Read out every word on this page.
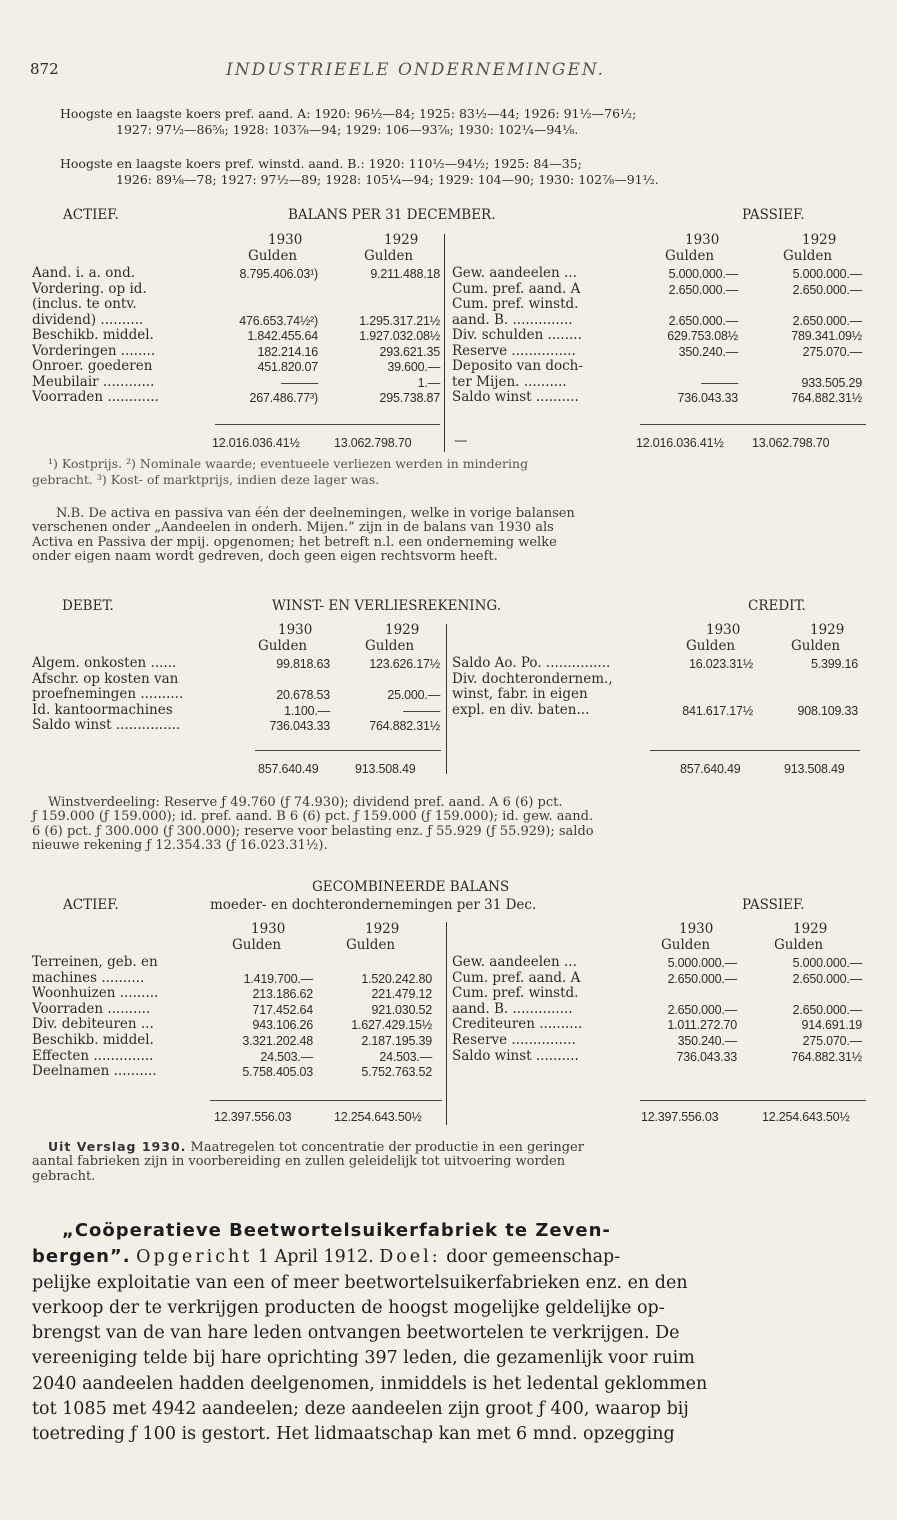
872	INDUSTRIEELE ONDERNEMINGEN.
Hoogste en laagste koers pref. aand. A: 1920: 96½—84; 1925: 83½—44; 1926: 91½—76½;
1927: 97½—86⅝; 1928: 103⅞—94; 1929: 106—93⅞; 1930: 102¼—94⅛.
Hoogste en laagste koers pref. winstd. aand. B.: 1920: 110½—94½; 1925: 84—35;
1926: 89⅛—78; 1927: 97½—89; 1928: 105¼—94; 1929: 104—90; 1930: 102⅞—91½.
ACTIEF.	BALANS PER 31 DECEMBER.	PASSIEF.
1930	1929	1930	1929
Gulden	Gulden	Gulden	Gulden
Aand. i. a. ond.	8.795.406.03¹)	9.211.488.18
Vordering. op id.
(inclus. te ontv.
dividend) ..........	476.653.74½²)	1.295.317.21½
Beschikb. middel.	1.842.455.64	1.927.032.08½
Vorderingen ........	182.214.16	293.621.35
Onroer. goederen	451.820.07	39.600.—
Meubilair ............	———	1.—
Voorraden ............	267.486.77³)	295.738.87
Gew. aandeelen ...	5.000.000.—	5.000.000.—
Cum. pref. aand. A	2.650.000.—	2.650.000.—
Cum. pref. winstd.
aand. B. ..............	2.650.000.—	2.650.000.—
Div. schulden ........	629.753.08½	789.341.09½
Reserve ...............	350.240.—	275.070.—
Deposito van doch-
ter Mijen. ..........	———	933.505.29
Saldo winst ..........	736.043.33	764.882.31½
12.016.036.41½	13.062.798.70	—	12.016.036.41½ 13.062.798.70
¹) Kostprijs. ²) Nominale waarde; eventueele verliezen werden in mindering
gebracht. ³) Kost- of marktprijs, indien deze lager was.
N.B. De activa en passiva van één der deelnemingen, welke in vorige balansen
verschenen onder „Aandeelen in onderh. Mijen.” zijn in de balans van 1930 als
Activa en Passiva der mpij. opgenomen; het betreft n.l. een onderneming welke
onder eigen naam wordt gedreven, doch geen eigen rechtsvorm heeft.
DEBET.	WINST- EN VERLIESREKENING.	CREDIT.
1930	1929	1930	1929
Gulden	Gulden	Gulden	Gulden
Algem. onkosten ......	99.818.63	123.626.17½
Afschr. op kosten van
proefnemingen ..........	20.678.53	25.000.—
Id. kantoormachines	1.100.—	———
Saldo winst ...............	736.043.33	764.882.31½
Saldo Ao. Po. ...............	16.023.31½	5.399.16
Div. dochterondernem.,
winst, fabr. in eigen
expl. en div. baten...	841.617.17½	908.109.33
857.640.49	913.508.49	857.640.49	913.508.49
Winstverdeeling: Reserve ƒ 49.760 (ƒ 74.930); dividend pref. aand. A 6 (6) pct.
ƒ 159.000 (ƒ 159.000); id. pref. aand. B 6 (6) pct. ƒ 159.000 (ƒ 159.000); id. gew. aand.
6 (6) pct. ƒ 300.000 (ƒ 300.000); reserve voor belasting enz. ƒ 55.929 (ƒ 55.929); saldo
nieuwe rekening ƒ 12.354.33 (ƒ 16.023.31½).
GECOMBINEERDE BALANS
ACTIEF.	moeder- en dochterondernemingen per 31 Dec.	PASSIEF.
1930	1929	1930	1929
Gulden	Gulden	Gulden	Gulden
Terreinen, geb. en
machines ..........	1.419.700.—	1.520.242.80
Woonhuizen .........	213.186.62	221.479.12
Voorraden ..........	717.452.64	921.030.52
Div. debiteuren ...	943.106.26	1.627.429.15½
Beschikb. middel.	3.321.202.48	2.187.195.39
Effecten ..............	24.503.—	24.503.—
Deelnamen ..........	5.758.405.03	5.752.763.52
Gew. aandeelen ...	5.000.000.—	5.000.000.—
Cum. pref. aand. A	2.650.000.—	2.650.000.—
Cum. pref. winstd.
aand. B. ..............	2.650.000.—	2.650.000.—
Crediteuren ..........	1.011.272.70	914.691.19
Reserve ...............	350.240.—	275.070.—
Saldo winst ..........	736.043.33	764.882.31½
12.397.556.03	12.254.643.50½	12.397.556.03	12.254.643.50½
Uit Verslag 1930. Maatregelen tot concentratie der productie in een geringer
aantal fabrieken zijn in voorbereiding en zullen geleidelijk tot uitvoering worden
gebracht.
„Coöperatieve Beetwortelsuikerfabriek te Zeven-
bergen”. Opgericht 1 April 1912. Doel: door gemeenschap-
pelijke exploitatie van een of meer beetwortelsuikerfabrieken enz. en den
verkoop der te verkrijgen producten de hoogst mogelijke geldelijke op-
brengst van de van hare leden ontvangen beetwortelen te verkrijgen. De
vereeniging telde bij hare oprichting 397 leden, die gezamenlijk voor ruim
2040 aandeelen hadden deelgenomen, inmiddels is het ledental geklommen
tot 1085 met 4942 aandeelen; deze aandeelen zijn groot ƒ 400, waarop bij
toetreding ƒ 100 is gestort. Het lidmaatschap kan met 6 mnd. opzegging
